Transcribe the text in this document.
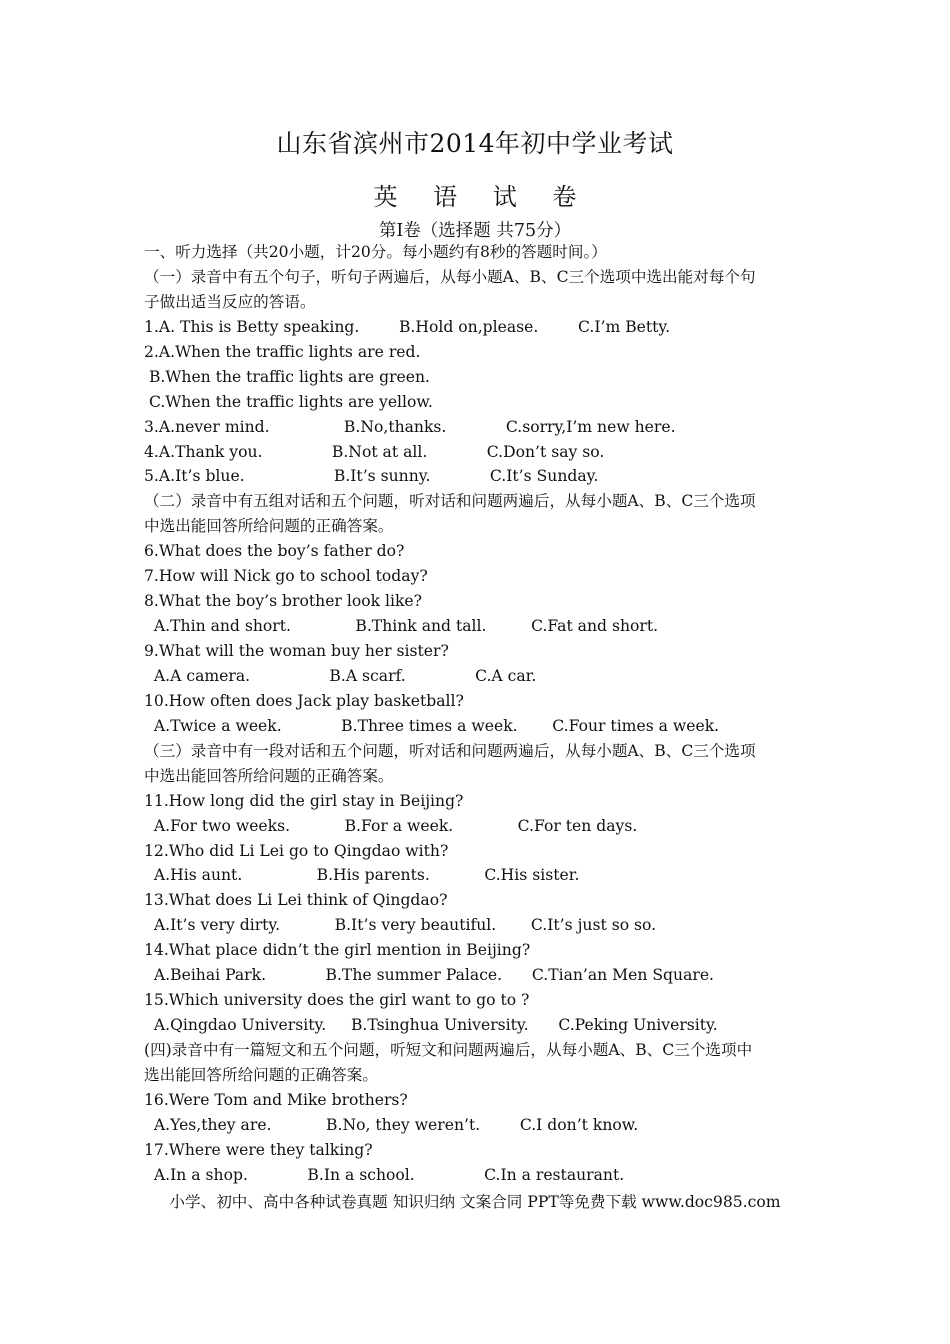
山东省滨州市2014年初中学业考试
英 语 试 卷
第Ⅰ卷（选择题 共75分）
一、听力选择（共20小题，计20分。每小题约有8秒的答题时间。）
（一）录音中有五个句子，听句子两遍后，从每小题A、B、C三个选项中选出能对每个句
子做出适当反应的答语。
1.A. This is Betty speaking.        B.Hold on,please.        C.I’m Betty.
2.A.When the traffic lights are red.
B.When the traffic lights are green.
C.When the traffic lights are yellow.
3.A.never mind.               B.No,thanks.            C.sorry,I’m new here.
4.A.Thank you.              B.Not at all.            C.Don’t say so.
5.A.It’s blue.                  B.It’s sunny.            C.It’s Sunday.
（二）录音中有五组对话和五个问题，听对话和问题两遍后，从每小题A、B、C三个选项
中选出能回答所给问题的正确答案。
6.What does the boy’s father do?
7.How will Nick go to school today?
8.What the boy’s brother look like?
A.Thin and short.             B.Think and tall.         C.Fat and short.
9.What will the woman buy her sister?
A.A camera.                B.A scarf.              C.A car.
10.How often does Jack play basketball?
A.Twice a week.            B.Three times a week.       C.Four times a week.
（三）录音中有一段对话和五个问题，听对话和问题两遍后，从每小题A、B、C三个选项
中选出能回答所给问题的正确答案。
11.How long did the girl stay in Beijing?
A.For two weeks.           B.For a week.             C.For ten days.
12.Who did Li Lei go to Qingdao with?
A.His aunt.               B.His parents.           C.His sister.
13.What does Li Lei think of Qingdao?
A.It’s very dirty.           B.It’s very beautiful.       C.It’s just so so.
14.What place didn’t the girl mention in Beijing?
A.Beihai Park.            B.The summer Palace.      C.Tian’an Men Square.
15.Which university does the girl want to go to ?
A.Qingdao University.     B.Tsinghua University.      C.Peking University.
(四)录音中有一篇短文和五个问题，听短文和问题两遍后，从每小题A、B、C三个选项中
选出能回答所给问题的正确答案。
16.Were Tom and Mike brothers?
A.Yes,they are.           B.No, they weren’t.        C.I don’t know.
17.Where were they talking?
A.In a shop.            B.In a school.              C.In a restaurant.
小学、初中、高中各种试卷真题 知识归纳 文案合同 PPT等免费下载 www.doc985.com
